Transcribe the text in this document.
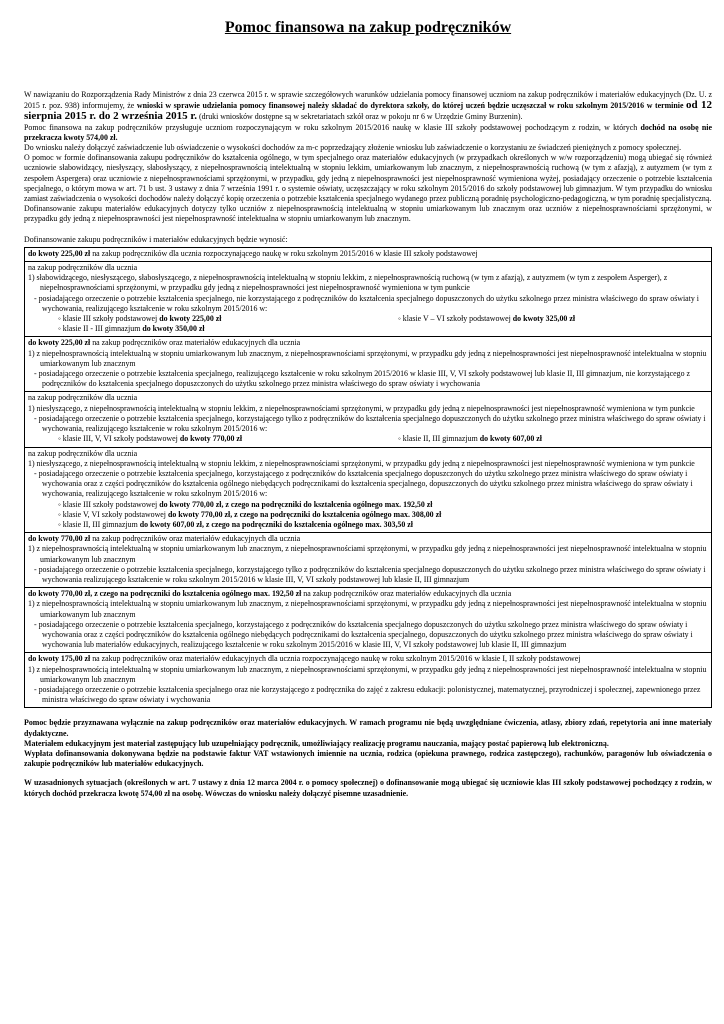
Pomoc finansowa na zakup podręczników

W nawiązaniu do Rozporządzenia Rady Ministrów z dnia 23 czerwca 2015 r. w sprawie szczegółowych warunków udzielania pomocy finansowej uczniom na zakup podręczników i materiałów edukacyjnych (Dz. U. z 2015 r. poz. 938) informujemy, że wnioski w sprawie udzielania pomocy finansowej należy składać do dyrektora szkoły, do której uczeń będzie uczęszczał w roku szkolnym 2015/2016 w terminie od 12 sierpnia 2015 r. do 2 września 2015 r. (druki wniosków dostępne są w sekretariatach szkół oraz w pokoju nr 6 w Urzędzie Gminy Burzenin).

Pomoc finansowa na zakup podręczników przysługuje uczniom rozpoczynającym w roku szkolnym 2015/2016 naukę w klasie III szkoły podstawowej pochodzącym z rodzin, w których dochód na osobę nie przekracza kwoty 574,00 zł.

Do wniosku należy dołączyć zaświadczenie lub oświadczenie o wysokości dochodów za m-c poprzedzający złożenie wniosku lub zaświadczenie o korzystaniu ze świadczeń pieniężnych z pomocy społecznej.

O pomoc w formie dofinansowania zakupu podręczników do kształcenia ogólnego, w tym specjalnego oraz materiałów edukacyjnych (w przypadkach określonych w w/w rozporządzeniu) mogą ubiegać się również uczniowie słabowidzący, niesłyszący, słabosłyszący, z niepełnosprawnością intelektualną w stopniu lekkim, umiarkowanym lub znacznym, z niepełnosprawnością ruchową (w tym z afazją), z autyzmem (w tym z zespołem Aspergera) oraz uczniowie z niepełnosprawnościami sprzężonymi, w przypadku, gdy jedną z niepełnosprawności jest niepełnosprawność wymieniona wyżej, posiadający orzeczenie o potrzebie kształcenia specjalnego, o którym mowa w art. 71 b ust. 3 ustawy z dnia 7 września 1991 r. o systemie oświaty, uczęszczający w roku szkolnym 2015/2016 do szkoły podstawowej lub gimnazjum. W tym przypadku do wniosku zamiast zaświadczenia o wysokości dochodów należy dołączyć kopię orzeczenia o potrzebie kształcenia specjalnego wydanego przez publiczną poradnię psychologiczno-pedagogiczną, w tym poradnię specjalistyczną.

Dofinansowanie zakupu materiałów edukacyjnych dotyczy tylko uczniów z niepełnosprawnością intelektualną w stopniu umiarkowanym lub znacznym oraz uczniów z niepełnosprawnościami sprzężonymi, w przypadku gdy jedną z niepełnosprawności jest niepełnosprawność intelektualna w stopniu umiarkowanym lub znacznym.

Dofinansowanie zakupu podręczników i materiałów edukacyjnych będzie wynosić:

do kwoty 225,00 zł na zakup podręczników dla ucznia rozpoczynającego naukę w roku szkolnym 2015/2016 w klasie III szkoły podstawowej

na zakup podręczników dla ucznia
1) słabowidzącego, niesłyszącego, słabosłyszącego, z niepełnosprawnością intelektualną w stopniu lekkim, z niepełnosprawnością ruchową (w tym z afazją), z autyzmem (w tym z zespołem Asperger), z niepełnosprawnościami sprzężonymi, w przypadku gdy jedną z niepełnosprawności jest niepełnosprawność wymieniona w tym punkcie
- posiadającego orzeczenie o potrzebie kształcenia specjalnego, nie korzystającego z podręczników do kształcenia specjalnego dopuszczonych do użytku szkolnego przez ministra właściwego do spraw oświaty i wychowania, realizującego kształcenie w roku szkolnym 2015/2016 w:
◦ klasie III szkoły podstawowej do kwoty 225,00 zł	◦ klasie V – VI szkoły podstawowej do kwoty 325,00 zł
◦ klasie II - III gimnazjum do kwoty 350,00 zł

do kwoty 225,00 zł na zakup podręczników oraz materiałów edukacyjnych dla ucznia
1) z niepełnosprawnością intelektualną w stopniu umiarkowanym lub znacznym, z niepełnosprawnościami sprzężonymi, w przypadku gdy jedną z niepełnosprawności jest niepełnosprawność intelektualna w stopniu umiarkowanym lub znacznym
- posiadającego orzeczenie o potrzebie kształcenia specjalnego, realizującego kształcenie w roku szkolnym 2015/2016 w klasie III, V, VI szkoły podstawowej lub klasie II, III gimnazjum, nie korzystającego z podręczników do kształcenia specjalnego dopuszczonych do użytku szkolnego przez ministra właściwego do spraw oświaty i wychowania

na zakup podręczników dla ucznia
1) niesłyszącego, z niepełnosprawnością intelektualną w stopniu lekkim, z niepełnosprawnościami sprzężonymi, w przypadku gdy jedną z niepełnosprawności jest niepełnosprawność wymieniona w tym punkcie
- posiadającego orzeczenie o potrzebie kształcenia specjalnego, korzystającego tylko z podręczników do kształcenia specjalnego dopuszczonych do użytku szkolnego przez ministra właściwego do spraw oświaty i wychowania, realizującego kształcenie w roku szkolnym 2015/2016 w:
◦ klasie III, V, VI szkoły podstawowej do kwoty 770,00 zł	◦ klasie II, III gimnazjum do kwoty 607,00 zł

na zakup podręczników dla ucznia
1) niesłyszącego, z niepełnosprawnością intelektualną w stopniu lekkim, z niepełnosprawnościami sprzężonymi, w przypadku gdy jedną z niepełnosprawności jest niepełnosprawność wymieniona w tym punkcie
- posiadającego orzeczenie o potrzebie kształcenia specjalnego, korzystającego z podręczników do kształcenia specjalnego dopuszczonych do użytku szkolnego przez ministra właściwego do spraw oświaty i wychowania oraz z części podręczników do kształcenia ogólnego niebędących podręcznikami do kształcenia specjalnego, dopuszczonych do użytku szkolnego przez ministra właściwego do spraw oświaty i wychowania, realizującego kształcenie w roku szkolnym 2015/2016 w:
◦ klasie III szkoły podstawowej do kwoty 770,00 zł, z czego na podręczniki do kształcenia ogólnego max. 192,50 zł
◦ klasie V, VI szkoły podstawowej do kwoty 770,00 zł, z czego na podręczniki do kształcenia ogólnego max. 308,00 zł
◦ klasie II, III gimnazjum do kwoty 607,00 zł, z czego na podręczniki do kształcenia ogólnego max. 303,50 zł

do kwoty 770,00 zł na zakup podręczników oraz materiałów edukacyjnych dla ucznia
1) z niepełnosprawnością intelektualną w stopniu umiarkowanym lub znacznym, z niepełnosprawnościami sprzężonymi, w przypadku gdy jedną z niepełnosprawności jest niepełnosprawność intelektualna w stopniu umiarkowanym lub znacznym
- posiadającego orzeczenie o potrzebie kształcenia specjalnego, korzystającego tylko z podręczników do kształcenia specjalnego dopuszczonych do użytku szkolnego przez ministra właściwego do spraw oświaty i wychowania realizującego kształcenie w roku szkolnym 2015/2016 w klasie III, V, VI szkoły podstawowej lub klasie II, III gimnazjum

do kwoty 770,00 zł, z czego na podręczniki do kształcenia ogólnego max. 192,50 zł na zakup podręczników oraz materiałów edukacyjnych dla ucznia
1) z niepełnosprawnością intelektualną w stopniu umiarkowanym lub znacznym, z niepełnosprawnościami sprzężonymi, w przypadku gdy jedną z niepełnosprawności jest niepełnosprawność intelektualna w stopniu umiarkowanym lub znacznym
- posiadającego orzeczenie o potrzebie kształcenia specjalnego, korzystającego z podręczników do kształcenia specjalnego dopuszczonych do użytku szkolnego przez ministra właściwego do spraw oświaty i wychowania oraz z części podręczników do kształcenia ogólnego niebędących podręcznikami do kształcenia specjalnego, dopuszczonych do użytku szkolnego przez ministra właściwego do spraw oświaty i wychowania lub materiałów edukacyjnych, realizującego kształcenie w roku szkolnym 2015/2016 w klasie III, V, VI szkoły podstawowej lub klasie II, III gimnazjum

do kwoty 175,00 zł na zakup podręczników oraz materiałów edukacyjnych dla ucznia rozpoczynającego naukę w roku szkolnym 2015/2016 w klasie I, II szkoły podstawowej
1) z niepełnosprawnością intelektualną w stopniu umiarkowanym lub znacznym, z niepełnosprawnościami sprzężonymi, w przypadku gdy jedną z niepełnosprawności jest niepełnosprawność intelektualna w stopniu umiarkowanym lub znacznym
- posiadającego orzeczenie o potrzebie kształcenia specjalnego oraz nie korzystającego z podręcznika do zajęć z zakresu edukacji: polonistycznej, matematycznej, przyrodniczej i społecznej, zapewnionego przez ministra właściwego do spraw oświaty i wychowania

Pomoc będzie przyznawana wyłącznie na zakup podręczników oraz materiałów edukacyjnych. W ramach programu nie będą uwzględniane ćwiczenia, atlasy, zbiory zdań, repetytoria ani inne materiały dydaktyczne.

Materiałem edukacyjnym jest materiał zastępujący lub uzupełniający podręcznik, umożliwiający realizację programu nauczania, mający postać papierową lub elektroniczną.

Wypłata dofinansowania dokonywana będzie na podstawie faktur VAT wstawionych imiennie na ucznia, rodzica (opiekuna prawnego, rodzica zastępczego), rachunków, paragonów lub oświadczenia o zakupie podręczników lub materiałów edukacyjnych.

W uzasadnionych sytuacjach (określonych w art. 7 ustawy z dnia 12 marca 2004 r. o pomocy społecznej) o dofinansowanie mogą ubiegać się uczniowie klas III szkoły podstawowej pochodzący z rodzin, w których dochód przekracza kwotę 574,00 zł na osobę. Wówczas do wniosku należy dołączyć pisemne uzasadnienie.
